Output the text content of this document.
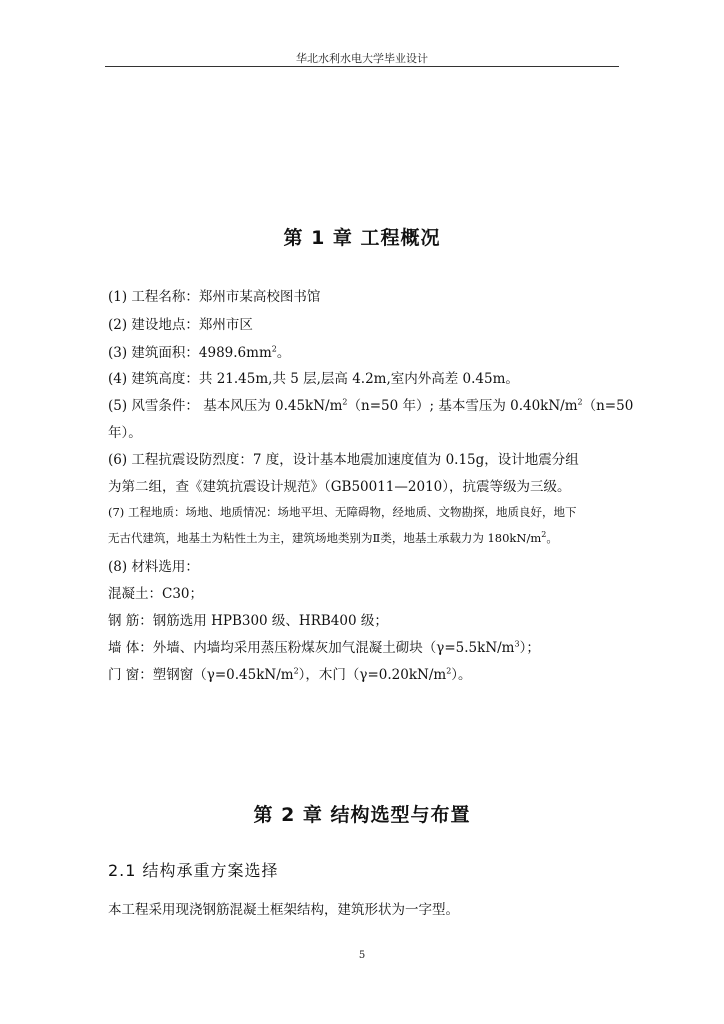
华北水利水电大学毕业设计
第 1 章 工程概况
(1) 工程名称：郑州市某高校图书馆
(2) 建设地点：郑州市区
(3) 建筑面积：$4989.6mm^2$。
(4) 建筑高度：共 21.45m,共 5 层,层高 4.2m,室内外高差 0.45m。
(5) 风雪条件： 基本风压为 $0.45kN/m^2(n=50$ 年）; 基本雪压为 $0.40kN/m^2(n=50$
年）。
(6) 工程抗震设防烈度：7 度，设计基本地震加速度值为 0.15g，设计地震分组
为第二组，查《建筑抗震设计规范》（GB50011—2010），抗震等级为三级。
(7) 工程地质：场地、地质情况：场地平坦、无障碍物，经地质、文物勘探，地质良好，地下
无古代建筑，地基土为粘性土为主，建筑场地类别为Ⅱ类，地基土承载力为 $180kN/m^2$。
(8) 材料选用：
混凝土：C30；
钢 筋：钢筋选用 HPB300 级、HRB400 级；
墙 体：外墙、内墙均采用蒸压粉煤灰加气混凝土砌块$(\gamma=5.5kN/m^3)$；
门 窗：塑钢窗$(\gamma=0.45kN/m^2)$，木门$(\gamma=0.20kN/m^2)$。
第 2 章 结构选型与布置
2.1 结构承重方案选择
本工程采用现浇钢筋混凝土框架结构，建筑形状为一字型。
5
